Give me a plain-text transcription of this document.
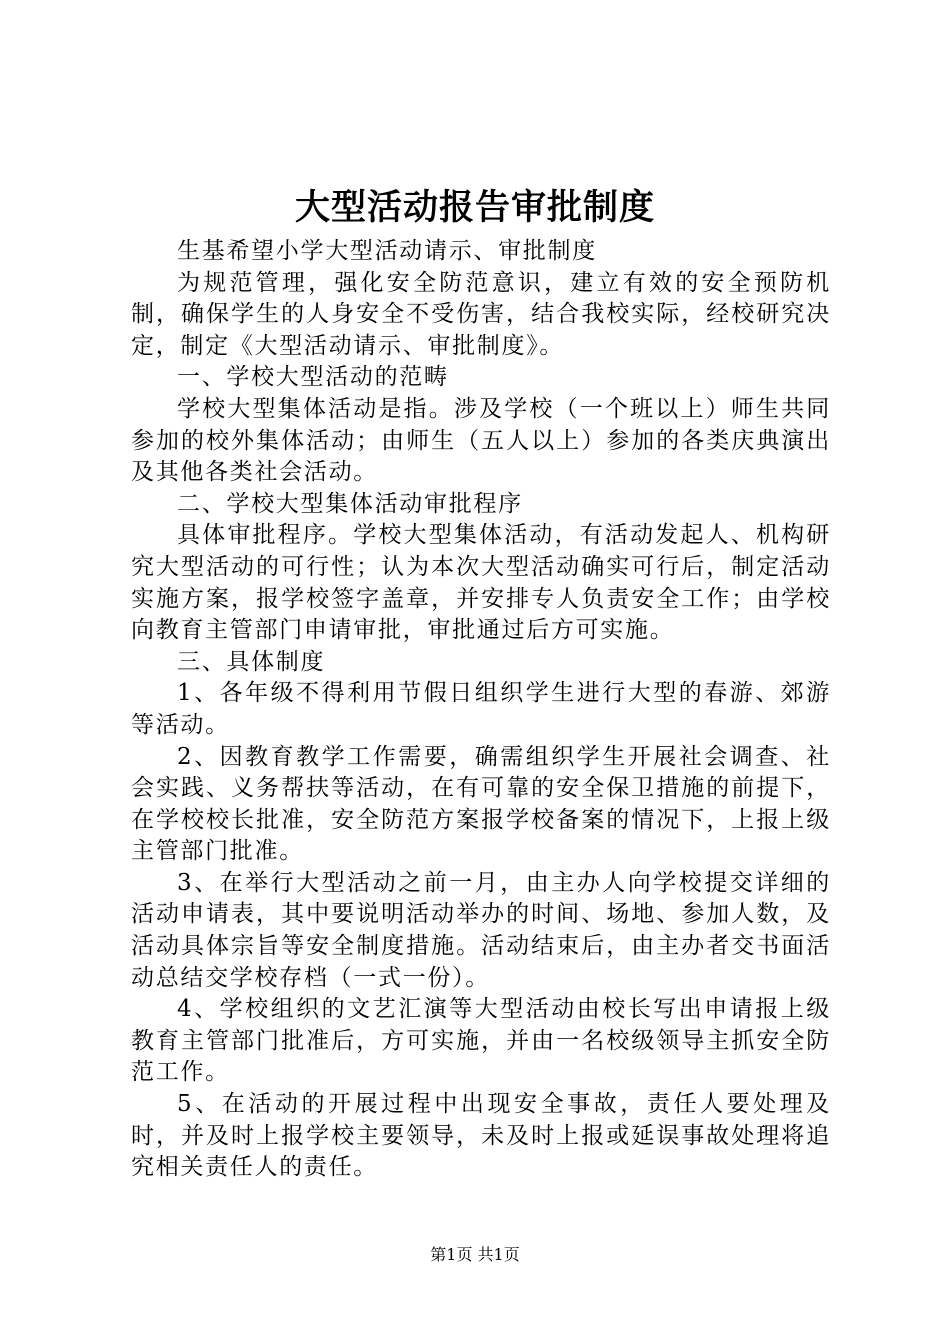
大型活动报告审批制度

生基希望小学大型活动请示、审批制度

为规范管理，强化安全防范意识，建立有效的安全预防机制，确保学生的人身安全不受伤害，结合我校实际，经校研究决定，制定《大型活动请示、审批制度》。

一、学校大型活动的范畴

学校大型集体活动是指。涉及学校（一个班以上）师生共同参加的校外集体活动；由师生（五人以上）参加的各类庆典演出及其他各类社会活动。

二、学校大型集体活动审批程序

具体审批程序。学校大型集体活动，有活动发起人、机构研究大型活动的可行性；认为本次大型活动确实可行后，制定活动实施方案，报学校签字盖章，并安排专人负责安全工作；由学校向教育主管部门申请审批，审批通过后方可实施。

三、具体制度

1、各年级不得利用节假日组织学生进行大型的春游、郊游等活动。

2、因教育教学工作需要，确需组织学生开展社会调查、社会实践、义务帮扶等活动，在有可靠的安全保卫措施的前提下，在学校校长批准，安全防范方案报学校备案的情况下，上报上级主管部门批准。

3、在举行大型活动之前一月，由主办人向学校提交详细的活动申请表，其中要说明活动举办的时间、场地、参加人数，及活动具体宗旨等安全制度措施。活动结束后，由主办者交书面活动总结交学校存档（一式一份）。

4、学校组织的文艺汇演等大型活动由校长写出申请报上级教育主管部门批准后，方可实施，并由一名校级领导主抓安全防范工作。

5、在活动的开展过程中出现安全事故，责任人要处理及时，并及时上报学校主要领导，未及时上报或延误事故处理将追究相关责任人的责任。

第1页 共1页
